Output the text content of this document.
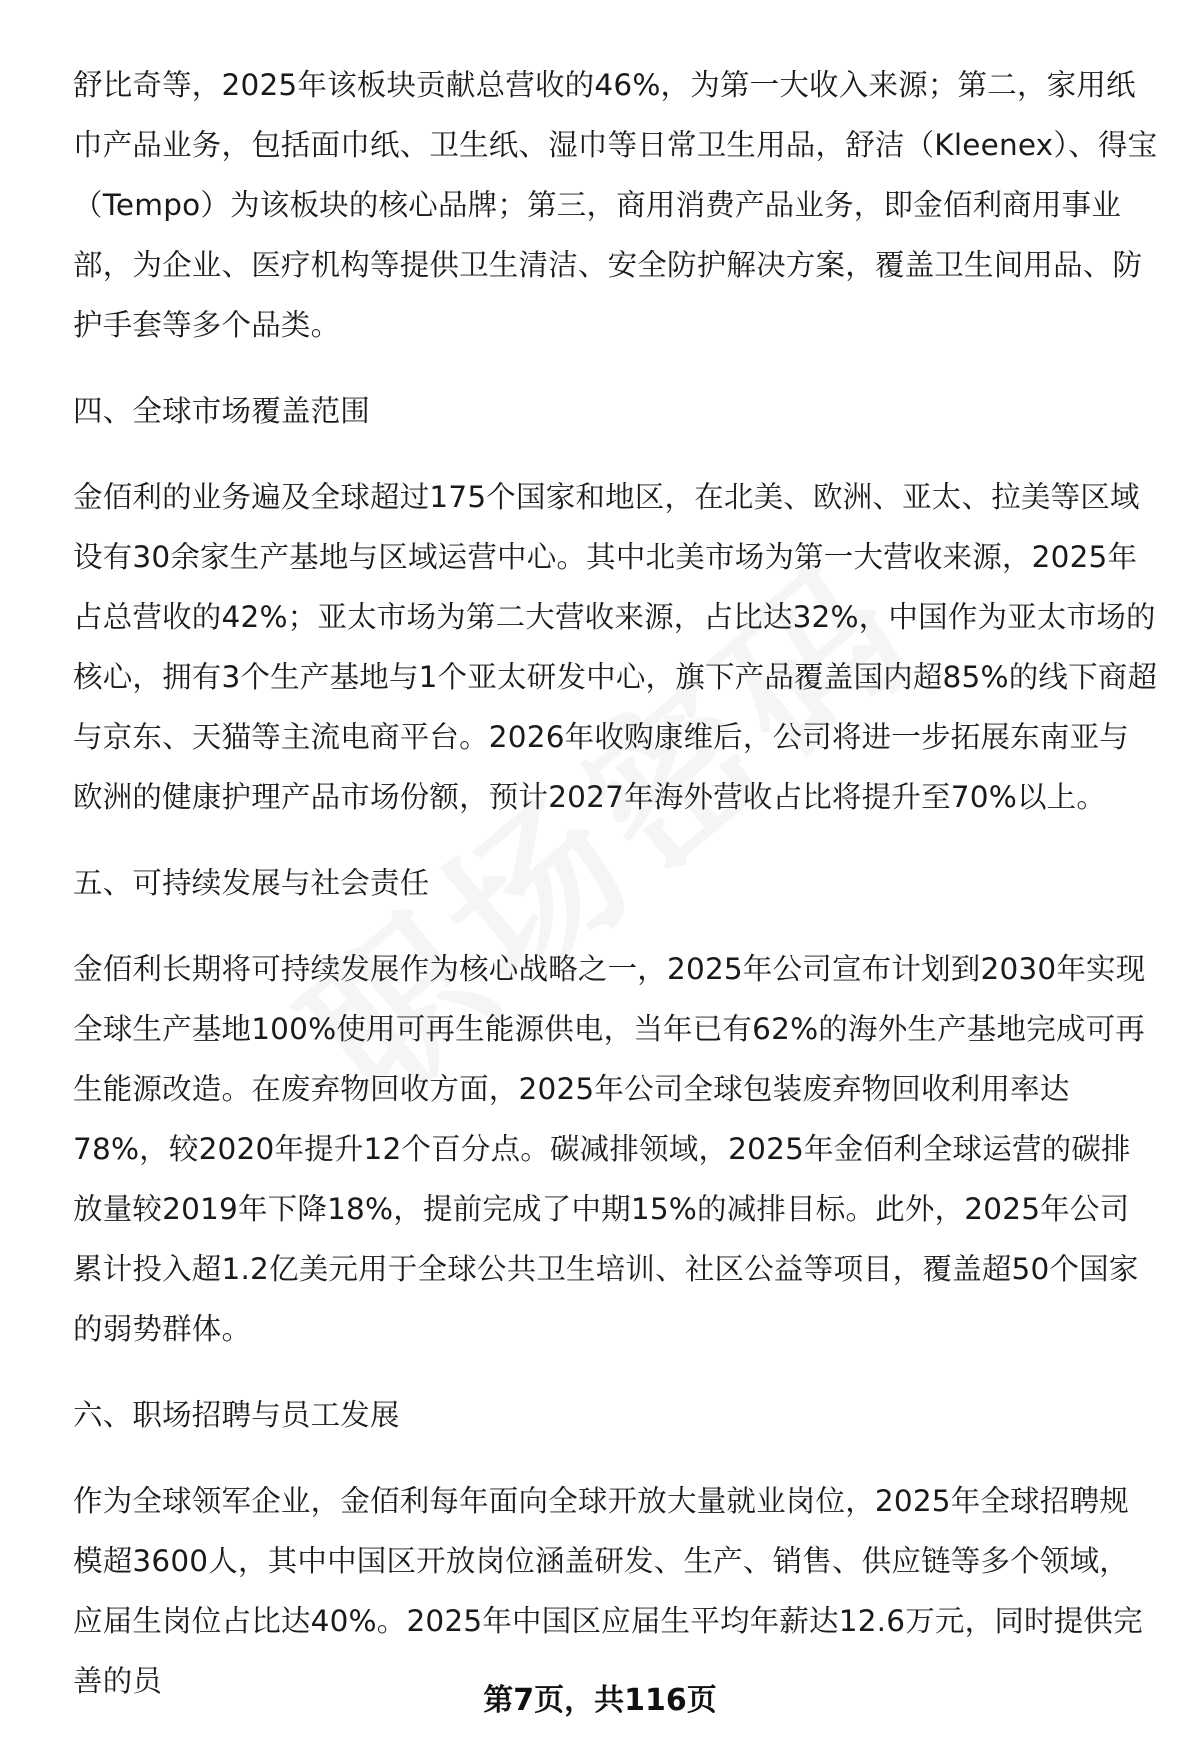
舒比奇等，2025年该板块贡献总营收的46%，为第一大收入来源；第二，家用纸巾产品业务，包括面巾纸、卫生纸、湿巾等日常卫生用品，舒洁（Kleenex）、得宝（Tempo）为该板块的核心品牌；第三，商用消费产品业务，即金佰利商用事业部，为企业、医疗机构等提供卫生清洁、安全防护解决方案，覆盖卫生间用品、防护手套等多个品类。

四、全球市场覆盖范围

金佰利的业务遍及全球超过175个国家和地区，在北美、欧洲、亚太、拉美等区域设有30余家生产基地与区域运营中心。其中北美市场为第一大营收来源，2025年占总营收的42%；亚太市场为第二大营收来源，占比达32%，中国作为亚太市场的核心，拥有3个生产基地与1个亚太研发中心，旗下产品覆盖国内超85%的线下商超与京东、天猫等主流电商平台。2026年收购康维后，公司将进一步拓展东南亚与欧洲的健康护理产品市场份额，预计2027年海外营收占比将提升至70%以上。

五、可持续发展与社会责任

金佰利长期将可持续发展作为核心战略之一，2025年公司宣布计划到2030年实现全球生产基地100%使用可再生能源供电，当年已有62%的海外生产基地完成可再生能源改造。在废弃物回收方面，2025年公司全球包装废弃物回收利用率达78%，较2020年提升12个百分点。碳减排领域，2025年金佰利全球运营的碳排放量较2019年下降18%，提前完成了中期15%的减排目标。此外，2025年公司累计投入超1.2亿美元用于全球公共卫生培训、社区公益等项目，覆盖超50个国家的弱势群体。

六、职场招聘与员工发展

作为全球领军企业，金佰利每年面向全球开放大量就业岗位，2025年全球招聘规模超3600人，其中中国区开放岗位涵盖研发、生产、销售、供应链等多个领域，应届生岗位占比达40%。2025年中国区应届生平均年薪达12.6万元，同时提供完善的员

第7页，共116页
